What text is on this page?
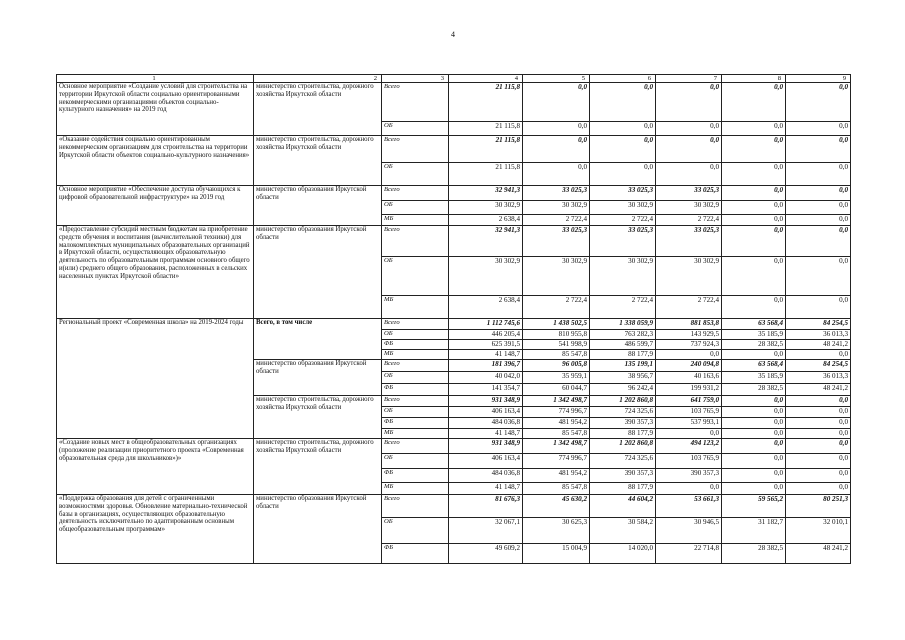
4
1	2	3	4	5	6	7	8	9
Основное мероприятие «Создание условий для строительства на территории Иркутской области социально ориентированными некоммерческими организациями объектов социально-культурного назначения» на 2019 год	министерство строительства, дорожного хозяйства Иркутской области	Всего	21 115,8	0,0	0,0	0,0	0,0	0,0
		ОБ	21 115,8	0,0	0,0	0,0	0,0	0,0
«Оказание содействия социально ориентированным некоммерческим организациям для строительства на территории Иркутской области объектов социально-культурного назначения»	министерство строительства, дорожного хозяйства Иркутской области	Всего	21 115,8	0,0	0,0	0,0	0,0	0,0
		ОБ	21 115,8	0,0	0,0	0,0	0,0	0,0
Основное мероприятие «Обеспечение доступа обучающихся к цифровой образовательной инфраструктуре» на 2019 год	министерство образования Иркутской области	Всего	32 941,3	33 025,3	33 025,3	33 025,3	0,0	0,0
		ОБ	30 302,9	30 302,9	30 302,9	30 302,9	0,0	0,0
		МБ	2 638,4	2 722,4	2 722,4	2 722,4	0,0	0,0
«Предоставление субсидий местным бюджетам на приобретение средств обучения и воспитания (вычислительной техники) для малокомплектных муниципальных образовательных организаций в Иркутской области, осуществляющих образовательную деятельность по образовательным программам основного общего и(или) среднего общего образования, расположенных в сельских населенных пунктах Иркутской области»	министерство образования Иркутской области	Всего	32 941,3	33 025,3	33 025,3	33 025,3	0,0	0,0
		ОБ	30 302,9	30 302,9	30 302,9	30 302,9	0,0	0,0
		МБ	2 638,4	2 722,4	2 722,4	2 722,4	0,0	0,0
Региональный проект «Современная школа» на 2019-2024 годы	Всего, в том числе	Всего	1 112 745,6	1 438 502,5	1 338 059,9	881 853,8	63 568,4	84 254,5
		ОБ	446 205,4	810 955,8	763 282,3	143 929,5	35 185,9	36 013,3
		ФБ	625 391,5	541 998,9	486 599,7	737 924,3	28 382,5	48 241,2
		МБ	41 148,7	85 547,8	88 177,9	0,0	0,0	0,0
	министерство образования Иркутской области	Всего	181 396,7	96 005,8	135 199,1	240 094,8	63 568,4	84 254,5
		ОБ	40 042,0	35 959,1	38 956,7	40 163,6	35 185,9	36 013,3
		ФБ	141 354,7	60 044,7	96 242,4	199 931,2	28 382,5	48 241,2
	министерство строительства, дорожного хозяйства Иркутской области	Всего	931 348,9	1 342 498,7	1 202 860,8	641 759,0	0,0	0,0
		ОБ	406 163,4	774 996,7	724 325,6	103 765,9	0,0	0,0
		ФБ	484 036,8	481 954,2	390 357,3	537 993,1	0,0	0,0
		МБ	41 148,7	85 547,8	88 177,9	0,0	0,0	0,0
«Создание новых мест в общеобразовательных организациях (проложение реализации приоритетного проекта «Современная образовательная среда для школьников»)»	министерство строительства, дорожного хозяйства Иркутской области	Всего	931 348,9	1 342 498,7	1 202 860,8	494 123,2	0,0	0,0
		ОБ	406 163,4	774 996,7	724 325,6	103 765,9	0,0	0,0
		ФБ	484 036,8	481 954,2	390 357,3	390 357,3	0,0	0,0
		МБ	41 148,7	85 547,8	88 177,9	0,0	0,0	0,0
«Поддержка образования для детей с ограниченными возможностями здоровья. Обновление материально-технической базы в организациях, осуществляющих образовательную деятельность исключительно по адаптированным основным общеобразовательным программам»	министерство образования Иркутской области	Всего	81 676,3	45 630,2	44 604,2	53 661,3	59 565,2	80 251,3
		ОБ	32 067,1	30 625,3	30 584,2	30 946,5	31 182,7	32 010,1
		ФБ	49 609,2	15 004,9	14 020,0	22 714,8	28 382,5	48 241,2
